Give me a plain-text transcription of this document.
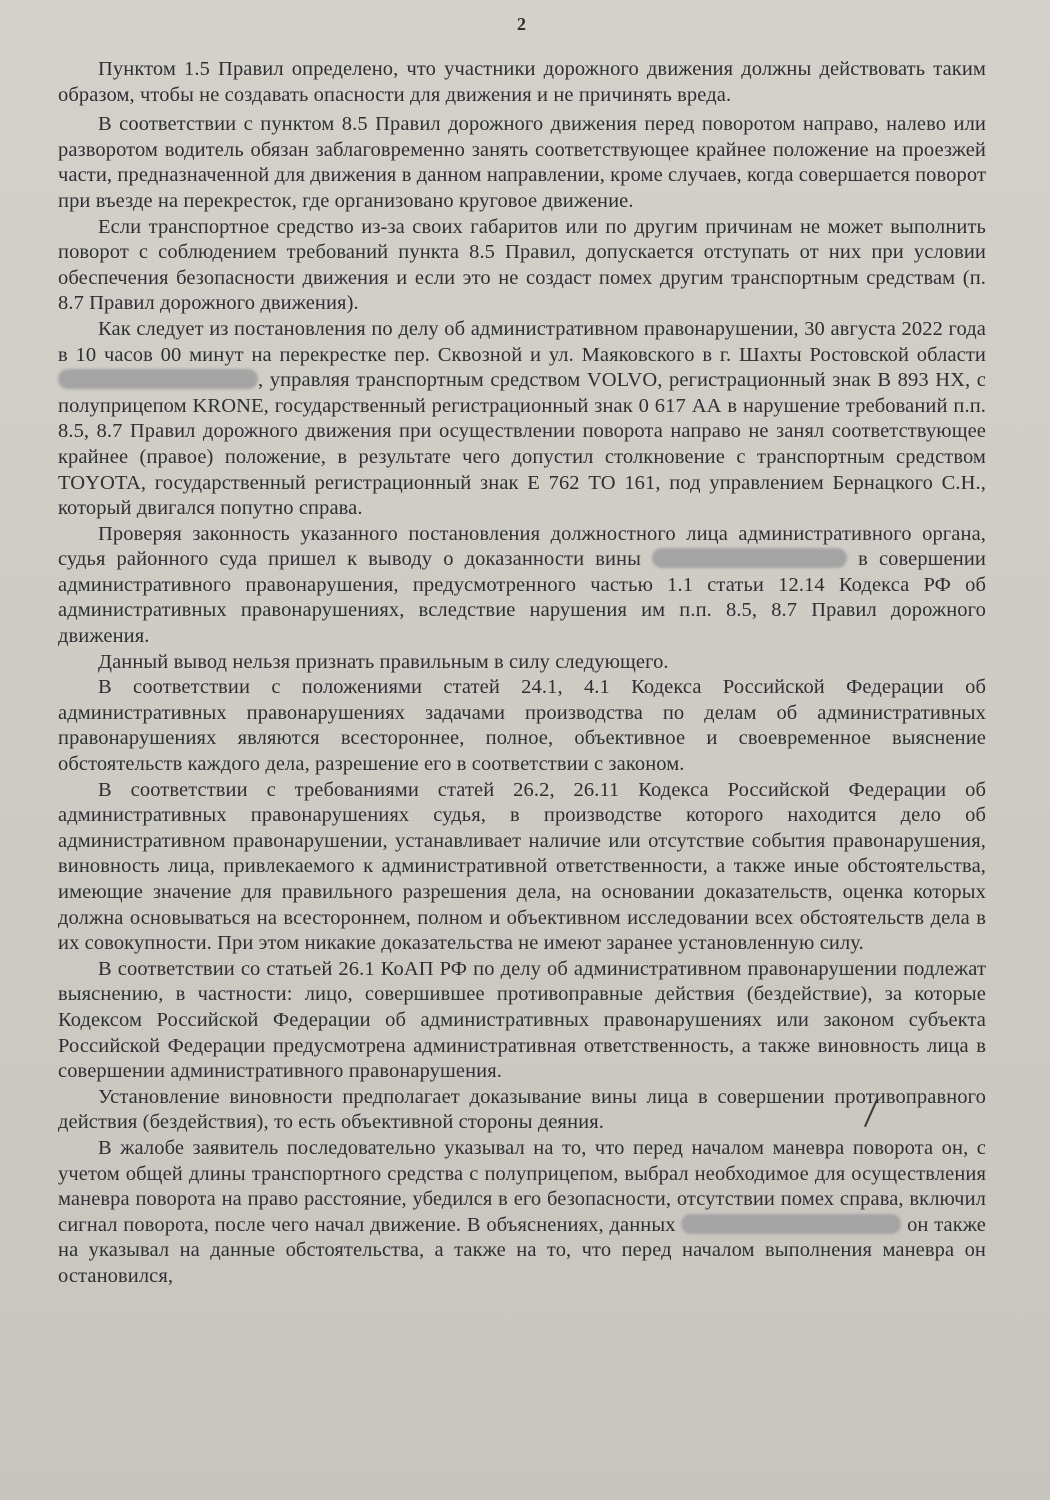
2

Пунктом 1.5 Правил определено, что участники дорожного движения должны действовать таким образом, чтобы не создавать опасности для движения и не причинять вреда.

В соответствии с пунктом 8.5 Правил дорожного движения перед поворотом направо, налево или разворотом водитель обязан заблаговременно занять соответствующее крайнее положение на проезжей части, предназначенной для движения в данном направлении, кроме случаев, когда совершается поворот при въезде на перекресток, где организовано круговое движение.

Если транспортное средство из-за своих габаритов или по другим причинам не может выполнить поворот с соблюдением требований пункта 8.5 Правил, допускается отступать от них при условии обеспечения безопасности движения и если это не создаст помех другим транспортным средствам (п. 8.7 Правил дорожного движения).

Как следует из постановления по делу об административном правонарушении, 30 августа 2022 года в 10 часов 00 минут на перекрестке пер. Сквозной и ул. Маяковского в г. Шахты Ростовской области , управляя транспортным средством VOLVO, регистрационный знак В 893 НХ, с полуприцепом KRONE, государственный регистрационный знак 0 617 АА в нарушение требований п.п. 8.5, 8.7 Правил дорожного движения при осуществлении поворота направо не занял соответствующее крайнее (правое) положение, в результате чего допустил столкновение с транспортным средством TOYOTA, государственный регистрационный знак Е 762 ТО 161, под управлением Бернацкого С.Н., который двигался попутно справа.

Проверяя законность указанного постановления должностного лица административного органа, судья районного суда пришел к выводу о доказанности вины	в совершении административного правонарушения, предусмотренного частью 1.1 статьи 12.14 Кодекса РФ об административных правонарушениях, вследствие нарушения им п.п. 8.5, 8.7 Правил дорожного движения.

Данный вывод нельзя признать правильным в силу следующего.

В соответствии с положениями статей 24.1, 4.1 Кодекса Российской Федерации об административных правонарушениях задачами производства по делам об административных правонарушениях являются всестороннее, полное, объективное и своевременное выяснение обстоятельств каждого дела, разрешение его в соответствии с законом.

В соответствии с требованиями статей 26.2, 26.11 Кодекса Российской Федерации об административных правонарушениях судья, в производстве которого находится дело об административном правонарушении, устанавливает наличие или отсутствие события правонарушения, виновность лица, привлекаемого к административной ответственности, а также иные обстоятельства, имеющие значение для правильного разрешения дела, на основании доказательств, оценка которых должна основываться на всестороннем, полном и объективном исследовании всех обстоятельств дела в их совокупности. При этом никакие доказательства не имеют заранее установленную силу.

В соответствии со статьей 26.1 КоАП РФ по делу об административном правонарушении подлежат выяснению, в частности: лицо, совершившее противоправные действия (бездействие), за которые Кодексом Российской Федерации об административных правонарушениях или законом субъекта Российской Федерации предусмотрена административная ответственность, а также виновность лица в совершении административного правонарушения.

Установление виновности предполагает доказывание вины лица в совершении противоправного действия (бездействия), то есть объективной стороны деяния.

В жалобе заявитель последовательно указывал на то, что перед началом маневра поворота он, с учетом общей длины транспортного средства с полуприцепом, выбрал необходимое для осуществления маневра поворота на право расстояние, убедился в его безопасности, отсутствии помех справа, включил сигнал поворота, после чего начал движение. В объяснениях, данных	он также на указывал на данные обстоятельства, а также на то, что перед началом выполнения маневра он остановился,
